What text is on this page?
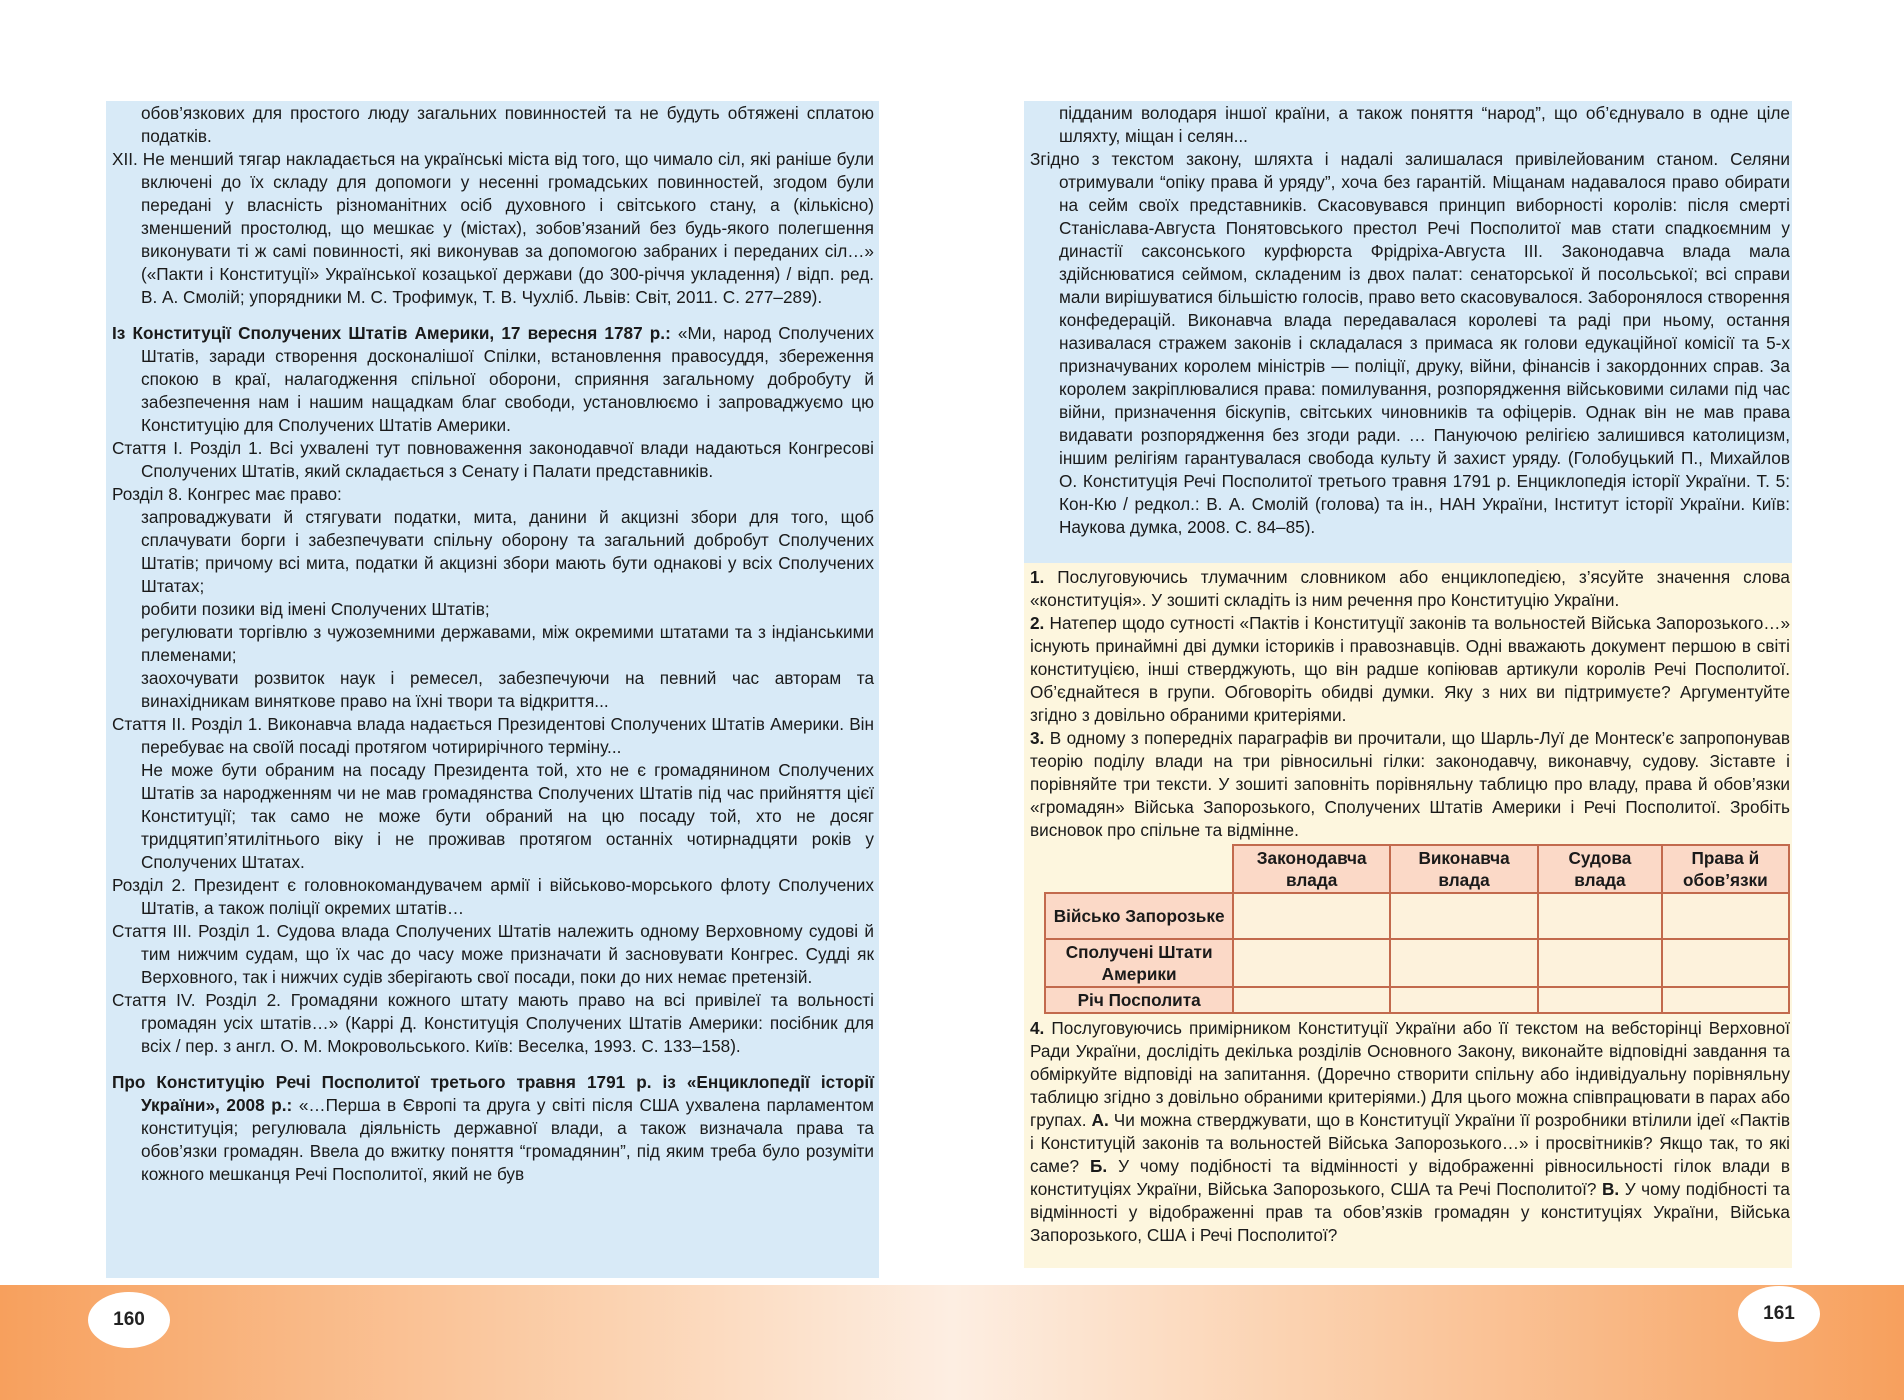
160	161

обов’язкових для простого люду загальних повинностей та не будуть обтяжені сплатою податків.

XII. Не менший тягар накладається на українські міста від того, що чимало сіл, які раніше були включені до їх складу для допомоги у несенні громадських повинностей, згодом були передані у власність різноманітних осіб духовного і світського стану, а (кількісно) зменшений простолюд, що мешкає у (містах), зобов’язаний без будь-якого полегшення виконувати ті ж самі повинності, які виконував за допомогою забраних і переданих сіл…» («Пакти і Конституції» Української козацької держави (до 300-річчя укладення) / відп. ред. В. А. Смолій; упорядники М. С. Трофимук, Т. В. Чухліб. Львів: Світ, 2011. С. 277–289).

Із Конституції Сполучених Штатів Америки, 17 вересня 1787 р.: «Ми, народ Сполучених Штатів, заради створення досконалішої Спілки, встановлення правосуддя, збереження спокою в краї, налагодження спільної оборони, сприяння загальному добробуту й забезпечення нам і нашим нащадкам благ свободи, установлюємо і запроваджуємо цю Конституцію для Сполучених Штатів Америки.

Стаття I. Розділ 1. Всі ухвалені тут повноваження законодавчої влади надаються Конгресові Сполучених Штатів, який складається з Сенату і Палати представників.

Розділ 8. Конгрес має право:

запроваджувати й стягувати податки, мита, данини й акцизні збори для того, щоб сплачувати борги і забезпечувати спільну оборону та загальний добробут Сполучених Штатів; причому всі мита, податки й акцизні збори мають бути однакові у всіх Сполучених Штатах;

робити позики від імені Сполучених Штатів;

регулювати торгівлю з чужоземними державами, між окремими штатами та з індіанськими племенами;

заохочувати розвиток наук і ремесел, забезпечуючи на певний час авторам та винахідникам виняткове право на їхні твори та відкриття...

Стаття II. Розділ 1. Виконавча влада надається Президентові Сполучених Штатів Америки. Він перебуває на своїй посаді протягом чотирирічного терміну...

Не може бути обраним на посаду Президента той, хто не є громадянином Сполучених Штатів за народженням чи не мав громадянства Сполучених Штатів під час прийняття цієї Конституції; так само не може бути обраний на цю посаду той, хто не досяг тридцятип’ятилітнього віку і не проживав протягом останніх чотирнадцяти років у Сполучених Штатах.

Розділ 2. Президент є головнокомандувачем армії і військово-морського флоту Сполучених Штатів, а також поліції окремих штатів…

Стаття III. Розділ 1. Судова влада Сполучених Штатів належить одному Верховному судові й тим нижчим судам, що їх час до часу може призначати й засновувати Конгрес. Судді як Верховного, так і нижчих судів зберігають свої посади, поки до них немає претензій.

Стаття IV. Розділ 2. Громадяни кожного штату мають право на всі привілеї та вольності громадян усіх штатів…» (Каррі Д. Конституція Сполучених Штатів Америки: посібник для всіх / пер. з англ. О. М. Мокровольського. Київ: Веселка, 1993. С. 133–158).

Про Конституцію Речі Посполитої третього травня 1791 р. із «Енциклопедії історії України», 2008 р.: «…Перша в Європі та друга у світі після США ухвалена парламентом конституція; регулювала діяльність державної влади, а також визначала права та обов’язки громадян. Ввела до вжитку поняття “громадянин”, під яким треба було розуміти кожного мешканця Речі Посполитої, який не був

підданим володаря іншої країни, а також поняття “народ”, що об’єднувало в одне ціле шляхту, міщан і селян...

Згідно з текстом закону, шляхта і надалі залишалася привілейованим станом. Селяни отримували “опіку права й уряду”, хоча без гарантій. Міщанам надавалося право обирати на сейм своїх представників. Скасовувався принцип виборності королів: після смерті Станіслава-Августа Понятовського престол Речі Посполитої мав стати спадкоємним у династії саксонського курфюрста Фрідріха-Августа III. Законодавча влада мала здійснюватися сеймом, складеним із двох палат: сенаторської й посольської; всі справи мали вирішуватися більшістю голосів, право вето скасовувалося. Заборонялося створення конфедерацій. Виконавча влада передавалася королеві та раді при ньому, остання називалася стражем законів і складалася з примаса як голови едукаційної комісії та 5-х призначуваних королем міністрів — поліції, друку, війни, фінансів і закордонних справ. За королем закріплювалися права: помилування, розпорядження військовими силами під час війни, призначення біскупів, світських чиновників та офіцерів. Однак він не мав права видавати розпорядження без згоди ради. … Пануючою релігією залишився католицизм, іншим релігіям гарантувалася свобода культу й захист уряду. (Голобуцький П., Михайлов О. Конституція Речі Посполитої третього травня 1791 р. Енциклопедія історії України. Т. 5: Кон-Кю / редкол.: В. А. Смолій (голова) та ін., НАН України, Інститут історії України. Київ: Наукова думка, 2008. С. 84–85).

1. Послуговуючись тлумачним словником або енциклопедією, з’ясуйте значення слова «конституція». У зошиті складіть із ним речення про Конституцію України.

2. Натепер щодо сутності «Пактів і Конституції законів та вольностей Війська Запорозького…» існують принаймні дві думки істориків і правознавців. Одні вважають документ першою в світі конституцією, інші стверджують, що він радше копіював артикули королів Речі Посполитої. Об’єднайтеся в групи. Обговоріть обидві думки. Яку з них ви підтримуєте? Аргументуйте згідно з довільно обраними критеріями.

3. В одному з попередніх параграфів ви прочитали, що Шарль-Луї де Монтеск’є запропонував теорію поділу влади на три рівносильні гілки: законодавчу, виконавчу, судову. Зіставте і порівняйте три тексти. У зошиті заповніть порівняльну таблицю про владу, права й обов’язки «громадян» Війська Запорозького, Сполучених Штатів Америки і Речі Посполитої. Зробіть висновок про спільне та відмінне.

	Законодавча влада	Виконавча влада	Судова влада	Права й обов’язки
Військо Запорозьке				
Сполучені Штати Америки				
Річ Посполита				

4. Послуговуючись примірником Конституції України або її текстом на вебсторінці Верховної Ради України, дослідіть декілька розділів Основного Закону, виконайте відповідні завдання та обміркуйте відповіді на запитання. (Доречно створити спільну або індивідуальну порівняльну таблицю згідно з довільно обраними критеріями.) Для цього можна співпрацювати в парах або групах. А. Чи можна стверджувати, що в Конституції України її розробники втілили ідеї «Пактів і Конституцій законів та вольностей Війська Запорозького…» і просвітників? Якщо так, то які саме? Б. У чому подібності та відмінності у відображенні рівносильності гілок влади в конституціях України, Війська Запорозького, США та Речі Посполитої? В. У чому подібності та відмінності у відображенні прав та обов’язків громадян у конституціях України, Війська Запорозького, США і Речі Посполитої?
